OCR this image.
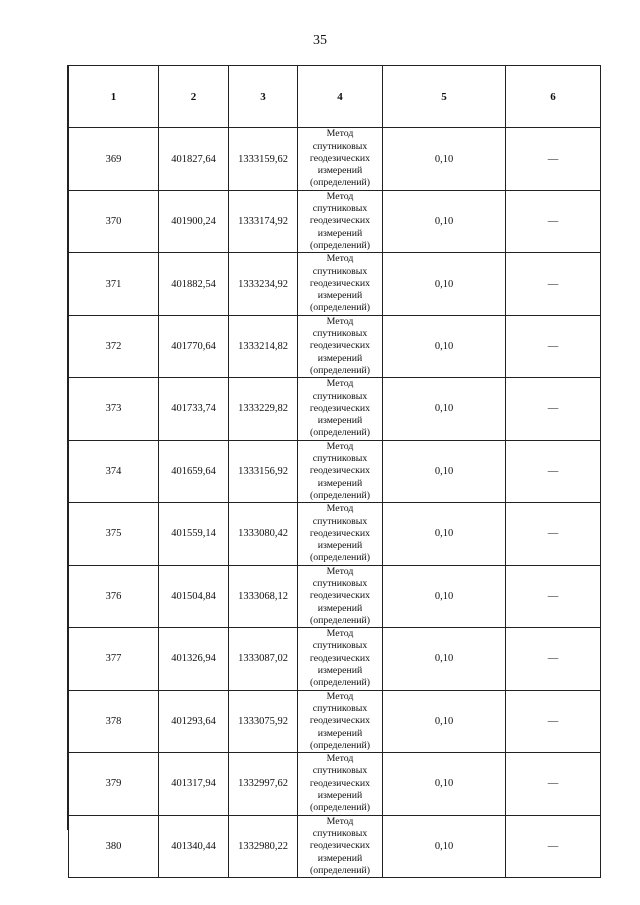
35
1	2	3	4	5	6
369	401827,64	1333159,62	Метод
спутниковых
геодезических
измерений
(определений)	0,10	—
370	401900,24	1333174,92	Метод
спутниковых
геодезических
измерений
(определений)	0,10	—
371	401882,54	1333234,92	Метод
спутниковых
геодезических
измерений
(определений)	0,10	—
372	401770,64	1333214,82	Метод
спутниковых
геодезических
измерений
(определений)	0,10	—
373	401733,74	1333229,82	Метод
спутниковых
геодезических
измерений
(определений)	0,10	—
374	401659,64	1333156,92	Метод
спутниковых
геодезических
измерений
(определений)	0,10	—
375	401559,14	1333080,42	Метод
спутниковых
геодезических
измерений
(определений)	0,10	—
376	401504,84	1333068,12	Метод
спутниковых
геодезических
измерений
(определений)	0,10	—
377	401326,94	1333087,02	Метод
спутниковых
геодезических
измерений
(определений)	0,10	—
378	401293,64	1333075,92	Метод
спутниковых
геодезических
измерений
(определений)	0,10	—
379	401317,94	1332997,62	Метод
спутниковых
геодезических
измерений
(определений)	0,10	—
380	401340,44	1332980,22	Метод
спутниковых
геодезических
измерений
(определений)	0,10	—
